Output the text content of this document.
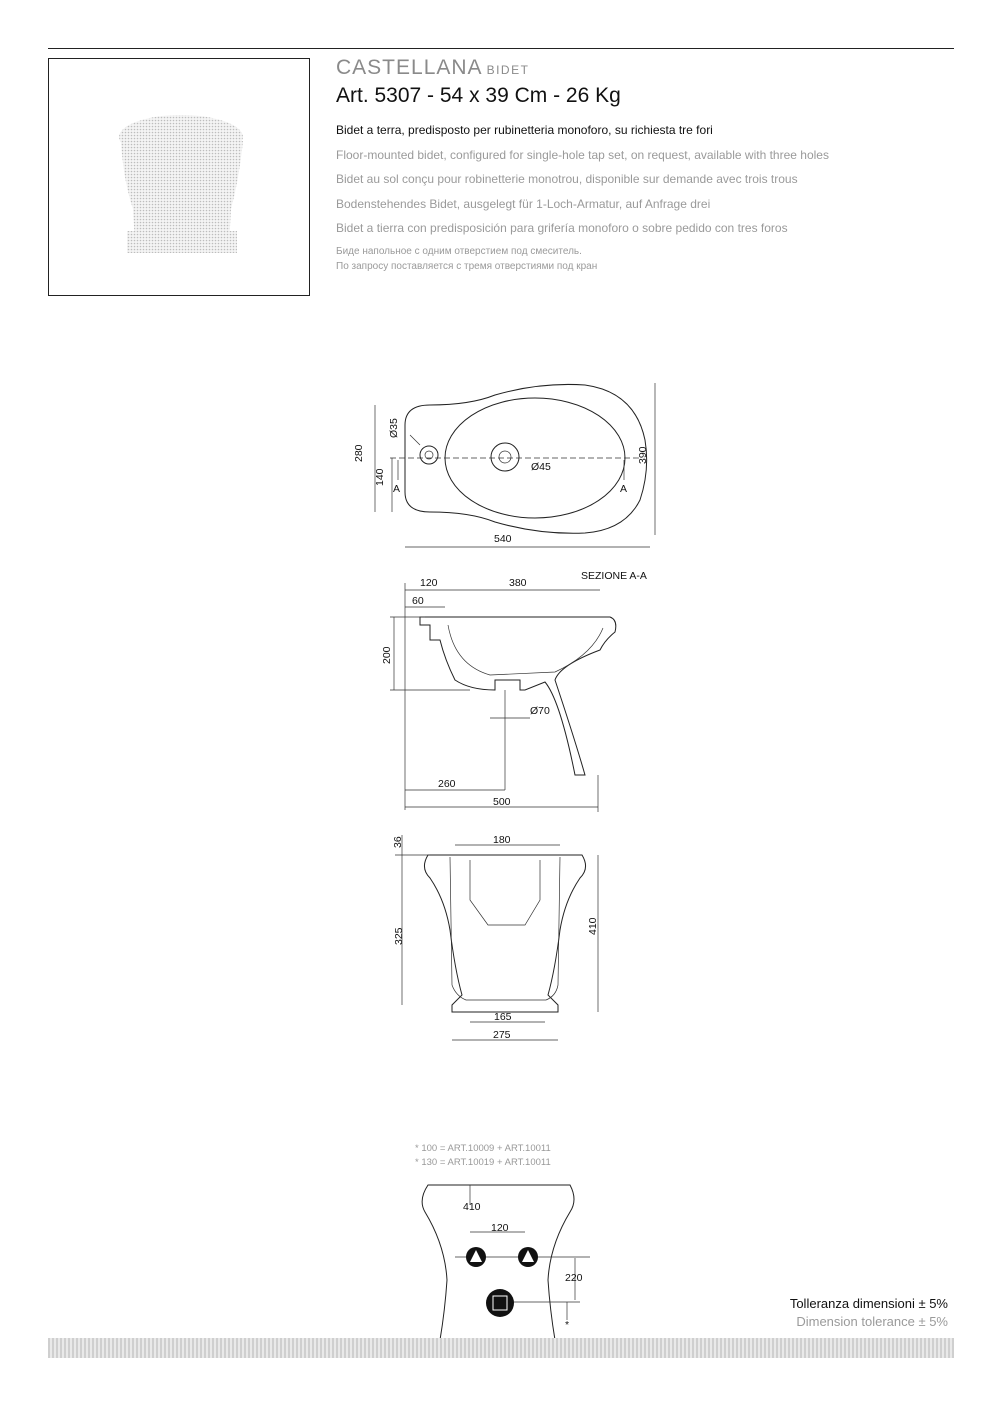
CASTELLANA BIDET
Art. 5307 - 54 x 39 Cm - 26 Kg
Bidet a terra, predisposto per rubinetteria monoforo, su richiesta tre fori
Floor-mounted bidet, configured for single-hole tap set, on request, available with three holes
Bidet au sol conçu pour robinetterie monotrou, disponible sur demande avec trois trous
Bodenstehendes Bidet, ausgelegt für 1-Loch-Armatur, auf Anfrage drei
Bidet a tierra con predisposición para grifería monoforo o sobre pedido con tres foros
Биде напольное с одним отверстием под смеситель.
По запросу поставляется с тремя отверстиями под кран
280
140
Ø35
Ø45
390
540
A	A
120	380
60
SEZIONE A-A
200
Ø70
260
500
36	180
325
410
165
275
410
120
220
*
* 100 = ART.10009 + ART.10011
* 130 = ART.10019 + ART.10011
Tolleranza dimensioni ± 5%
Dimension tolerance ± 5%
